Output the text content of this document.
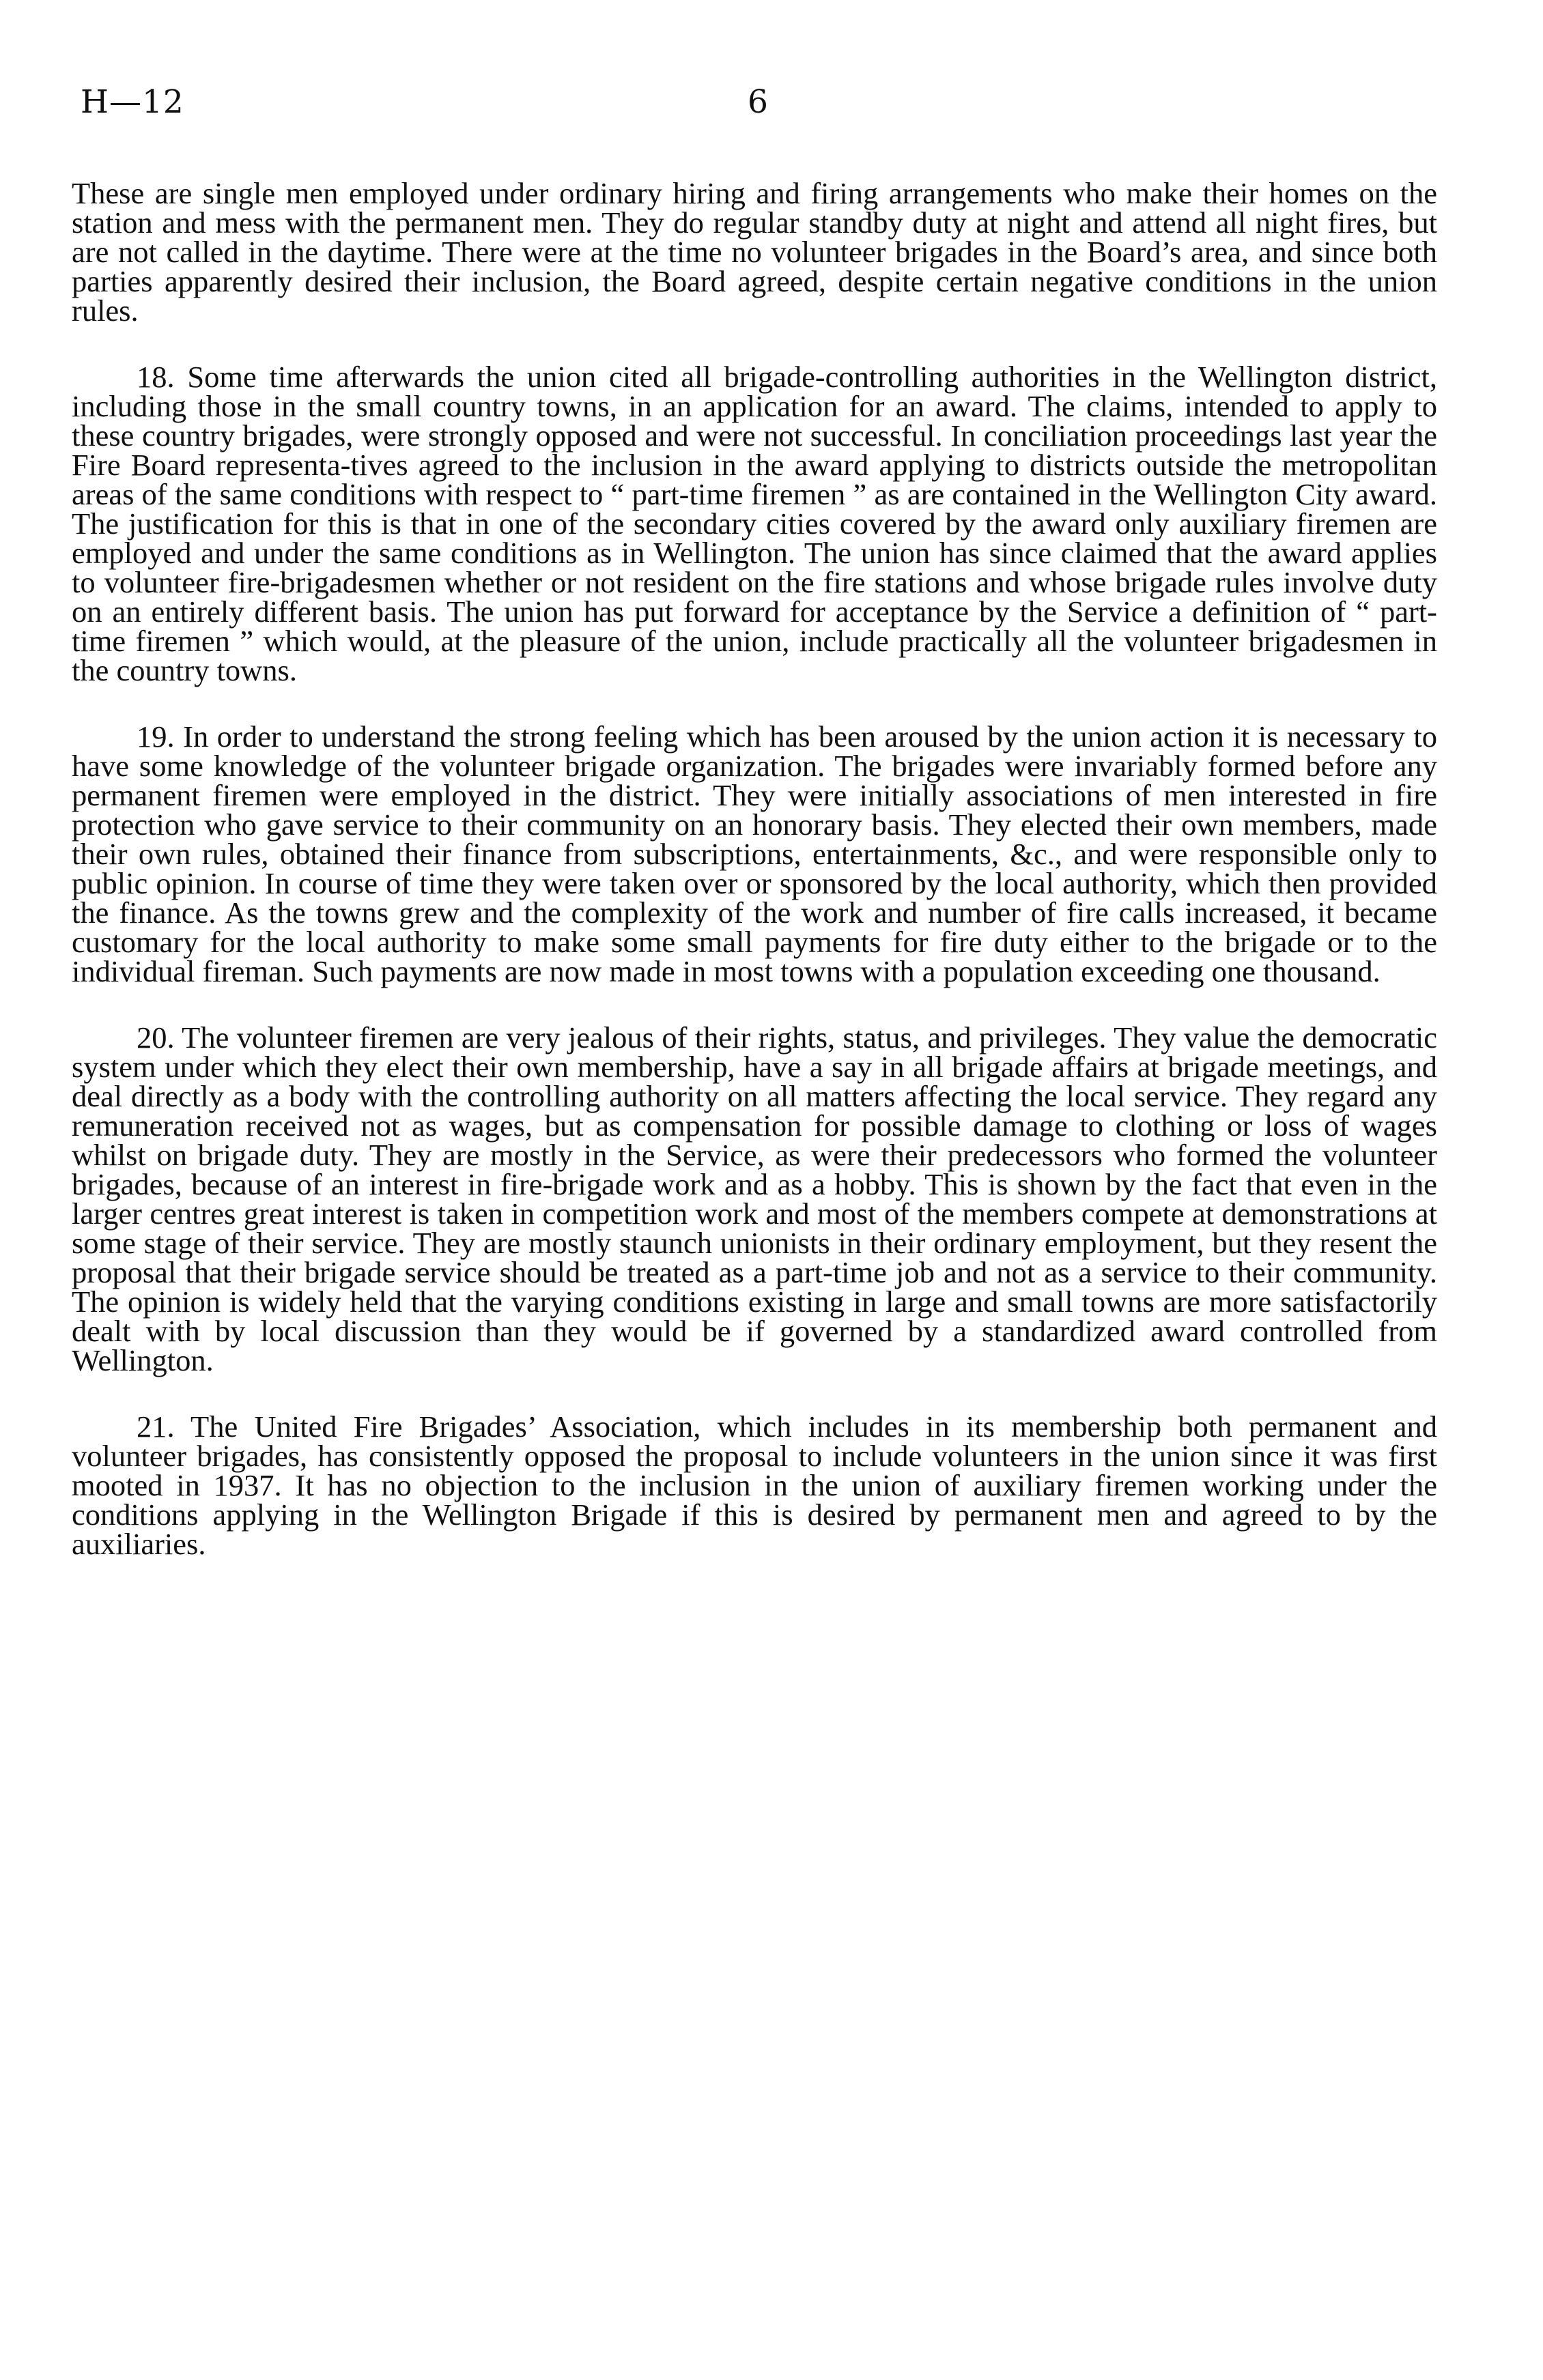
H—12	6

These are single men employed under ordinary hiring and firing arrangements who make their homes on the station and mess with the permanent men. They do regular standby duty at night and attend all night fires, but are not called in the daytime. There were at the time no volunteer brigades in the Board’s area, and since both parties apparently desired their inclusion, the Board agreed, despite certain negative conditions in the union rules.

18. Some time afterwards the union cited all brigade-controlling authorities in the Wellington district, including those in the small country towns, in an application for an award. The claims, intended to apply to these country brigades, were strongly opposed and were not successful. In conciliation proceedings last year the Fire Board representa-tives agreed to the inclusion in the award applying to districts outside the metropolitan areas of the same conditions with respect to “ part-time firemen ” as are contained in the Wellington City award. The justification for this is that in one of the secondary cities covered by the award only auxiliary firemen are employed and under the same conditions as in Wellington. The union has since claimed that the award applies to volunteer fire-brigadesmen whether or not resident on the fire stations and whose brigade rules involve duty on an entirely different basis. The union has put forward for acceptance by the Service a definition of “ part-time firemen ” which would, at the pleasure of the union, include practically all the volunteer brigadesmen in the country towns.

19. In order to understand the strong feeling which has been aroused by the union action it is necessary to have some knowledge of the volunteer brigade organization. The brigades were invariably formed before any permanent firemen were employed in the district. They were initially associations of men interested in fire protection who gave service to their community on an honorary basis. They elected their own members, made their own rules, obtained their finance from subscriptions, entertainments, &c., and were responsible only to public opinion. In course of time they were taken over or sponsored by the local authority, which then provided the finance. As the towns grew and the complexity of the work and number of fire calls increased, it became customary for the local authority to make some small payments for fire duty either to the brigade or to the individual fireman. Such payments are now made in most towns with a population exceeding one thousand.

20. The volunteer firemen are very jealous of their rights, status, and privileges. They value the democratic system under which they elect their own membership, have a say in all brigade affairs at brigade meetings, and deal directly as a body with the controlling authority on all matters affecting the local service. They regard any remuneration received not as wages, but as compensation for possible damage to clothing or loss of wages whilst on brigade duty. They are mostly in the Service, as were their predecessors who formed the volunteer brigades, because of an interest in fire-brigade work and as a hobby. This is shown by the fact that even in the larger centres great interest is taken in competition work and most of the members compete at demonstrations at some stage of their service. They are mostly staunch unionists in their ordinary employment, but they resent the proposal that their brigade service should be treated as a part-time job and not as a service to their community. The opinion is widely held that the varying conditions existing in large and small towns are more satisfactorily dealt with by local discussion than they would be if governed by a standardized award controlled from Wellington.

21. The United Fire Brigades’ Association, which includes in its membership both permanent and volunteer brigades, has consistently opposed the proposal to include volunteers in the union since it was first mooted in 1937. It has no objection to the inclusion in the union of auxiliary firemen working under the conditions applying in the Wellington Brigade if this is desired by permanent men and agreed to by the auxiliaries.
